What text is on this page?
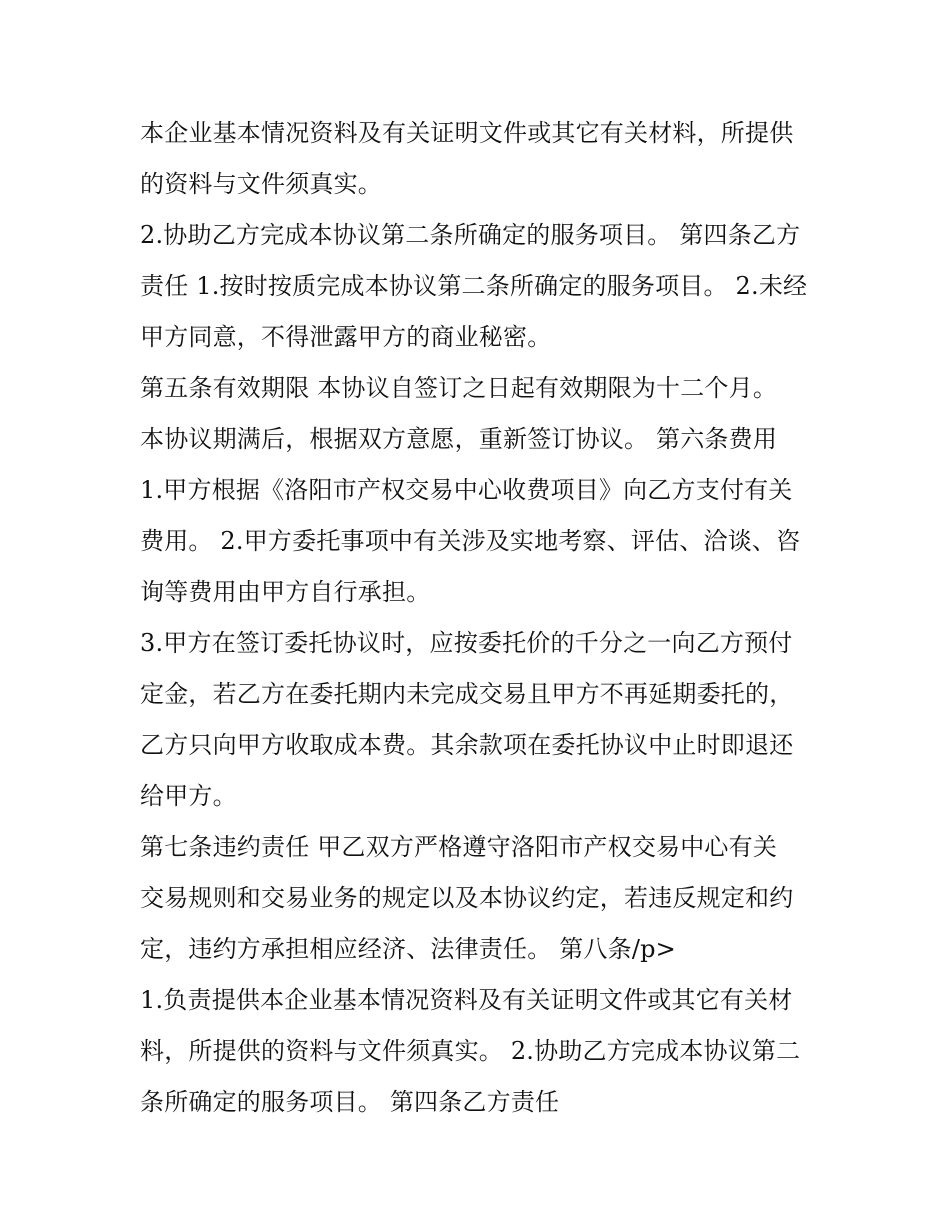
本企业基本情况资料及有关证明文件或其它有关材料，所提供
的资料与文件须真实。
2.协助乙方完成本协议第二条所确定的服务项目。 第四条乙方
责任 1.按时按质完成本协议第二条所确定的服务项目。 2.未经
甲方同意，不得泄露甲方的商业秘密。
第五条有效期限 本协议自签订之日起有效期限为十二个月。
本协议期满后，根据双方意愿，重新签订协议。 第六条费用
1.甲方根据《洛阳市产权交易中心收费项目》向乙方支付有关
费用。 2.甲方委托事项中有关涉及实地考察、评估、洽谈、咨
询等费用由甲方自行承担。
3.甲方在签订委托协议时，应按委托价的千分之一向乙方预付
定金，若乙方在委托期内未完成交易且甲方不再延期委托的，
乙方只向甲方收取成本费。其余款项在委托协议中止时即退还
给甲方。
第七条违约责任 甲乙双方严格遵守洛阳市产权交易中心有关
交易规则和交易业务的规定以及本协议约定，若违反规定和约
定，违约方承担相应经济、法律责任。 第八条/p>
1.负责提供本企业基本情况资料及有关证明文件或其它有关材
料，所提供的资料与文件须真实。 2.协助乙方完成本协议第二
条所确定的服务项目。 第四条乙方责任
